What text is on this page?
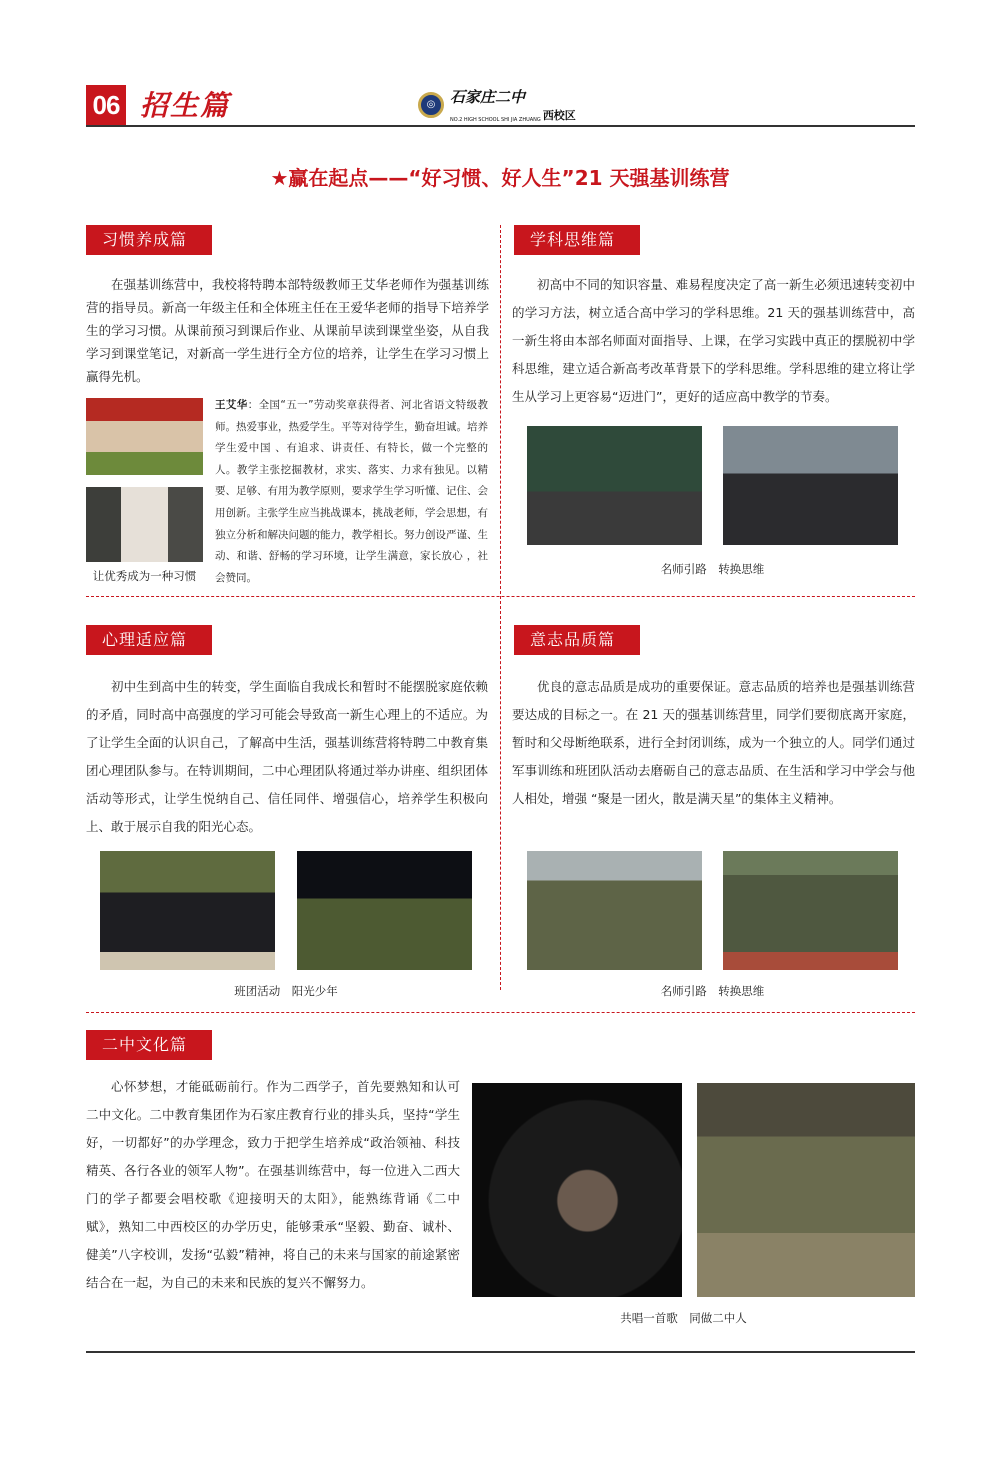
06 招生篇	◎ 石家庄二中
NO.2 HIGH SCHOOL SHI JIA ZHUANG 西校区
★赢在起点——“好习惯、好人生”21 天强基训练营
习惯养成篇
在强基训练营中，我校将特聘本部特级教师王艾华老师作为强基训练营的指导员。新高一年级主任和全体班主任在王爱华老师的指导下培养学生的学习习惯。从课前预习到课后作业、从课前早读到课堂坐姿，从自我学习到课堂笔记，对新高一学生进行全方位的培养，让学生在学习习惯上赢得先机。
王艾华：全国“五一”劳动奖章获得者、河北省语文特级教师。热爱事业，热爱学生。平等对待学生，勤奋坦诚。培养学生爱中国 、有追求、讲责任、有特长，做一个完整的人。教学主张挖掘教材，求实、落实、力求有独见。以精要、足够、有用为教学原则，要求学生学习听懂、记住、会用创新。主张学生应当挑战课本，挑战老师，学会思想，有独立分析和解决问题的能力，教学相长。努力创设严谨、生动、和谐、舒畅的学习环境，让学生满意，家长放心 ，社会赞同。
让优秀成为一种习惯
学科思维篇
初高中不同的知识容量、难易程度决定了高一新生必须迅速转变初中的学习方法，树立适合高中学习的学科思维。21 天的强基训练营中，高一新生将由本部名师面对面指导、上课，在学习实践中真正的摆脱初中学科思维，建立适合新高考改革背景下的学科思维。学科思维的建立将让学生从学习上更容易“迈进门”，更好的适应高中教学的节奏。
名师引路　转换思维
心理适应篇
初中生到高中生的转变，学生面临自我成长和暂时不能摆脱家庭依赖的矛盾，同时高中高强度的学习可能会导致高一新生心理上的不适应。为了让学生全面的认识自己，了解高中生活，强基训练营将特聘二中教育集团心理团队参与。在特训期间，二中心理团队将通过举办讲座、组织团体活动等形式，让学生悦纳自己、信任同伴、增强信心，培养学生积极向上、敢于展示自我的阳光心态。
班团活动　阳光少年
意志品质篇
优良的意志品质是成功的重要保证。意志品质的培养也是强基训练营要达成的目标之一。在 21 天的强基训练营里，同学们要彻底离开家庭，暂时和父母断绝联系，进行全封闭训练，成为一个独立的人。同学们通过军事训练和班团队活动去磨砺自己的意志品质、在生活和学习中学会与他人相处，增强 “聚是一团火，散是满天星”的集体主义精神。
名师引路　转换思维
二中文化篇
心怀梦想，才能砥砺前行。作为二西学子，首先要熟知和认可二中文化。二中教育集团作为石家庄教育行业的排头兵，坚持“学生好，一切都好”的办学理念，致力于把学生培养成“政治领袖、科技精英、各行各业的领军人物”。在强基训练营中，每一位进入二西大门的学子都要会唱校歌《迎接明天的太阳》，能熟练背诵《二中赋》，熟知二中西校区的办学历史，能够秉承“坚毅、勤奋、诚朴、健美”八字校训，发扬“弘毅”精神，将自己的未来与国家的前途紧密结合在一起，为自己的未来和民族的复兴不懈努力。
共唱一首歌　同做二中人
